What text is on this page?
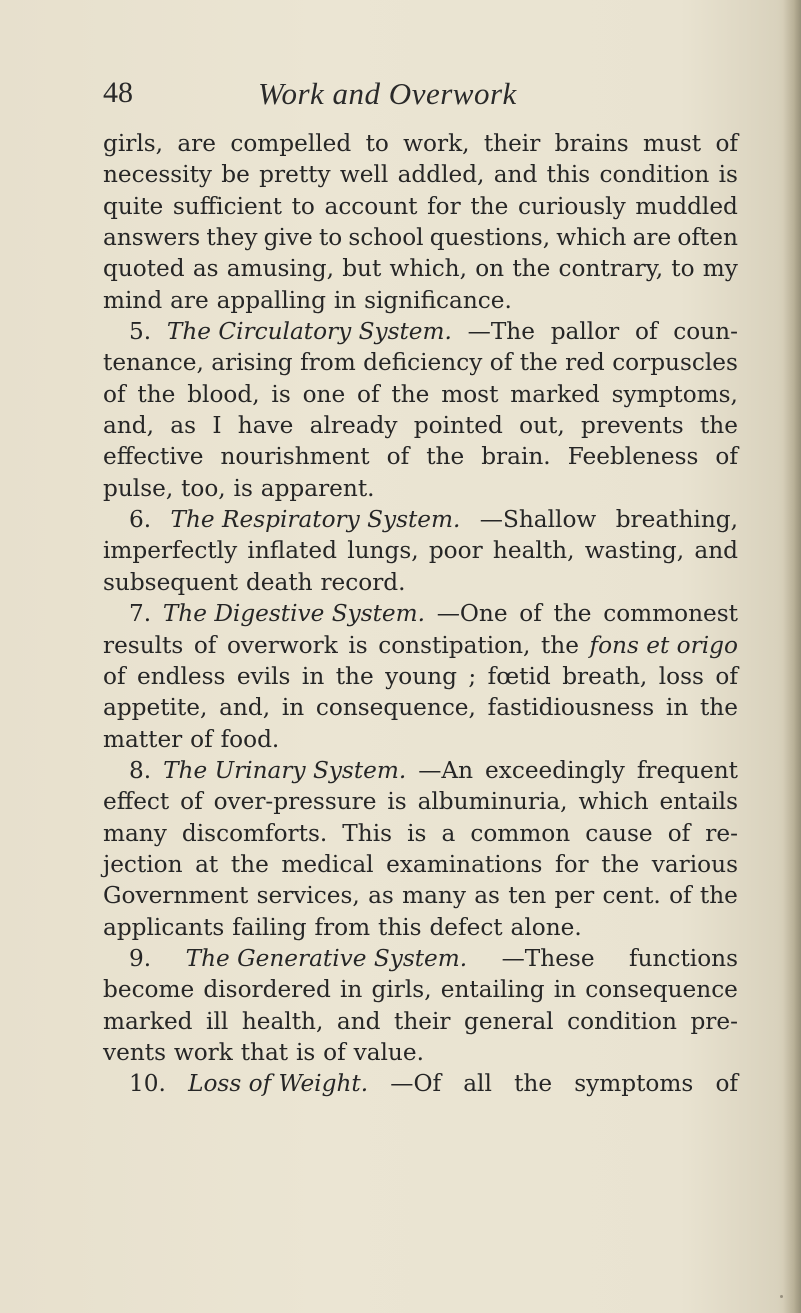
48	Work and Overwork
girls, are compelled to work, their brains must of
necessity be pretty well addled, and this condition is
quite sufficient to account for the curiously muddled
answers they give to school questions, which are often
quoted as amusing, but which, on the contrary, to my
mind are appalling in significance.
5. The Circulatory System. —The pallor of coun-
tenance, arising from deficiency of the red corpuscles
of the blood, is one of the most marked symptoms,
and, as I have already pointed out, prevents the
effective nourishment of the brain. Feebleness of
pulse, too, is apparent.
6. The Respiratory System. —Shallow breathing,
imperfectly inflated lungs, poor health, wasting, and
subsequent death record.
7. The Digestive System. —One of the commonest
results of overwork is constipation, the fons et origo
of endless evils in the young ; fœtid breath, loss of
appetite, and, in consequence, fastidiousness in the
matter of food.
8. The Urinary System. —An exceedingly frequent
effect of over-pressure is albuminuria, which entails
many discomforts. This is a common cause of re-
jection at the medical examinations for the various
Government services, as many as ten per cent. of the
applicants failing from this defect alone.
9. The Generative System. —These functions
become disordered in girls, entailing in consequence
marked ill health, and their general condition pre-
vents work that is of value.
10. Loss of Weight. —Of all the symptoms of
